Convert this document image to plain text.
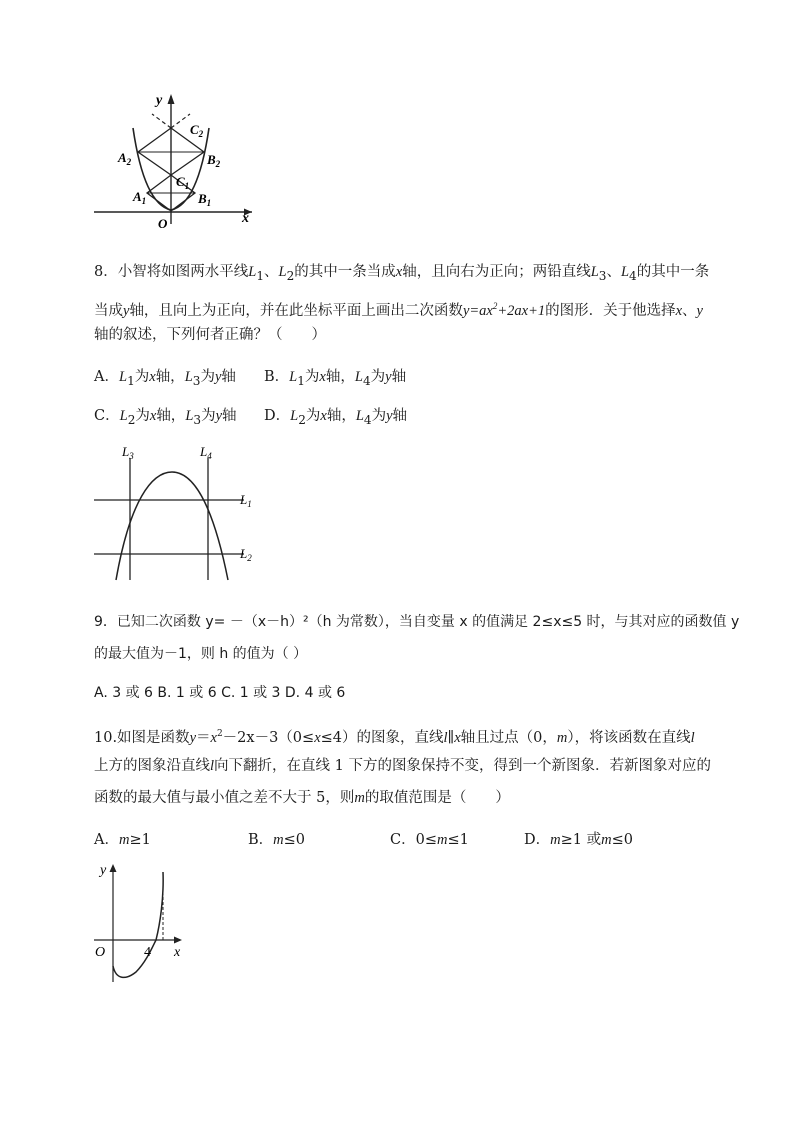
y
x
O
$A_1$	$B_1$
$A_2$	$B_2$
$C_1$
$C_2$
8．小智将如图两水平线$L_1$、$L_2$的其中一条当成x轴，且向右为正向；两铅直线$L_3$、$L_4$的其中一条
当成y轴，且向上为正向，并在此坐标平面上画出二次函数$y=ax^2+2ax+1$的图形．关于他选择x、y
轴的叙述，下列何者正确？（　　）
A．$L_1$为x轴，$L_3$为y轴 B．$L_1$为x轴，$L_4$为y轴
C．$L_2$为x轴，$L_3$为y轴 D．$L_2$为x轴，$L_4$为y轴
$L_3$	$L_4$
$L_1$
$L_2$
9．已知二次函数 y= －（x－h）²（h 为常数），当自变量 x 的值满足 2≤x≤5 时，与其对应的函数值 y
的最大值为－1，则 h 的值为（ ）
A. 3 或 6 B. 1 或 6 C. 1 或 3 D. 4 或 6
10.如图是函数$y=x^2-2x-3(0\le x\le 4)$的图象，直线l∥x轴且过点（0，m），将该函数在直线l
上方的图象沿直线l向下翻折，在直线 1 下方的图象保持不变，得到一个新图象．若新图象对应的
函数的最大值与最小值之差不大于 5，则m的取值范围是（　　）
A．m≥1	B．m≤0	C．0≤m≤1	D．m≥1 或m≤0
y
x
O	4
